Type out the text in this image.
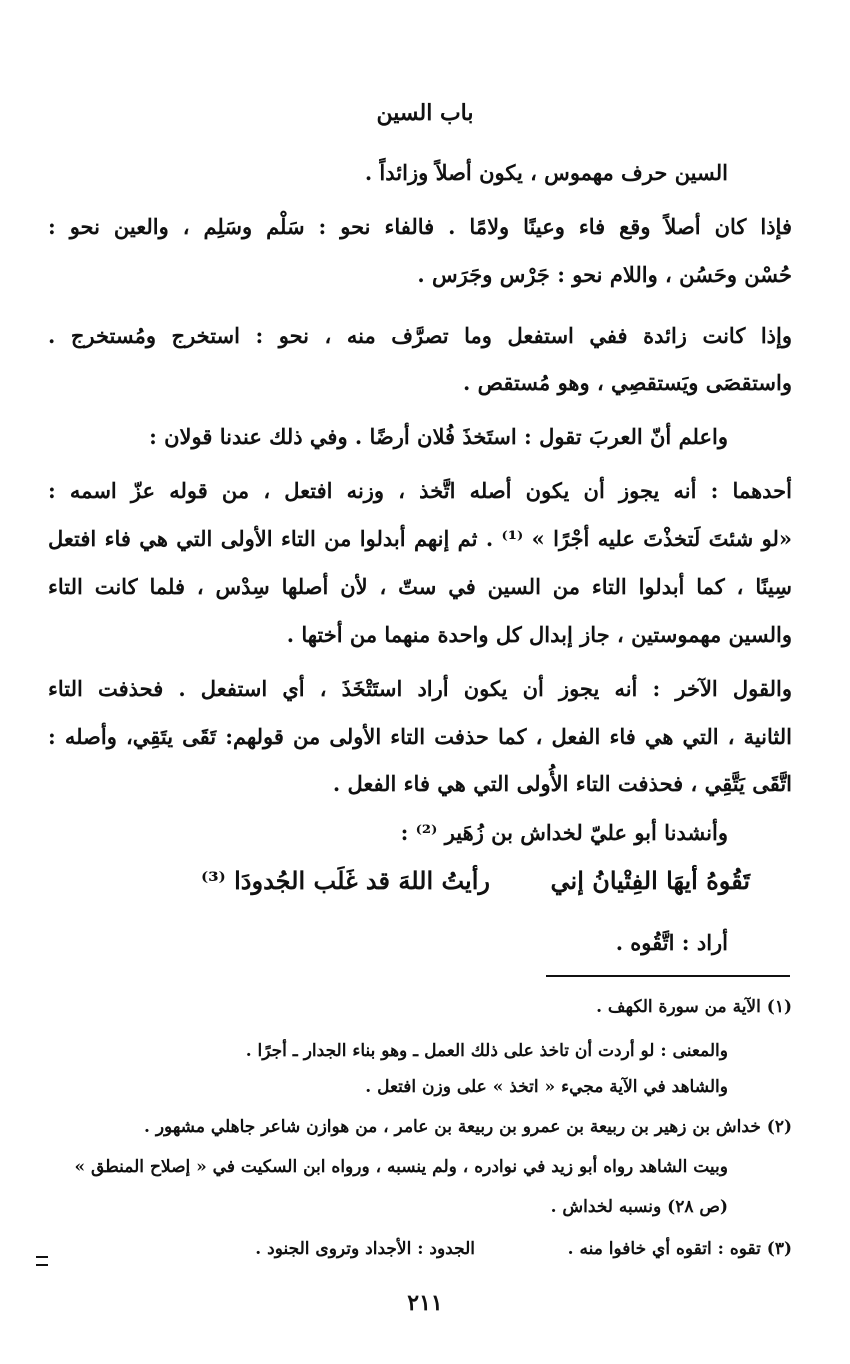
باب السين
السين حرف مهموس ، يكون أصلاً وزائداً .
فإذا كان أصلاً وقع فاء وعينًا ولامًا . فالفاء نحو : سَلْم وسَلِم ، والعين نحو :
حُسْن وحَسُن ، واللام نحو : جَرْس وجَرَس .
وإذا كانت زائدة ففي استفعل وما تصرَّف منه ، نحو : استخرج ومُستخرج .
واستقصَى ويَستقصِي ، وهو مُستقص .
واعلم أنّ العربَ تقول : استَخذَ فُلان أرضًا . وفي ذلك عندنا قولان :
أحدهما : أنه يجوز أن يكون أصله اتَّخذ ، وزنه افتعل ، من قوله عزّ اسمه :
«لو شئتَ لَتخذْتَ عليه أجْرًا » ⁽¹⁾ . ثم إنهم أبدلوا من التاء الأولى التي هي فاء افتعل
سِينًا ، كما أبدلوا التاء من السين في ستّ ، لأن أصلها سِدْس ، فلما كانت التاء
والسين مهموستين ، جاز إبدال كل واحدة منهما من أختها .
والقول الآخر : أنه يجوز أن يكون أراد استَتْخَذَ ، أي استفعل . فحذفت التاء
الثانية ، التي هي فاء الفعل ، كما حذفت التاء الأولى من قولهم: تَقَى يتَقِي، وأصله :
اتَّقَى يَتَّقِي ، فحذفت التاء الأُولى التي هي فاء الفعل .
وأنشدنا أبو عليّ لخداش بن زُهَير ⁽²⁾ :
تَقُوهُ أيهَا الفِتْيانُ إني
رأيتُ اللهَ قد غَلَب الجُدودَا ⁽³⁾
أراد : اتَّقُوه .
(١) الآية من سورة الكهف .
والمعنى : لو أردت أن تاخذ على ذلك العمل ـ وهو بناء الجدار ـ أجرًا .
والشاهد في الآية مجيء « اتخذ » على وزن افتعل .
(٢) خداش بن زهير بن ربيعة بن عمرو بن ربيعة بن عامر ، من هوازن شاعر جاهلي مشهور .
وبيت الشاهد رواه أبو زيد في نوادره ، ولم ينسبه ، ورواه ابن السكيت في « إصلاح المنطق »
(ص ٢٨) ونسبه لخداش .
(٣) تقوه : اتقوه أي خافوا منه .
الجدود : الأجداد وتروى الجنود .
٢١١
